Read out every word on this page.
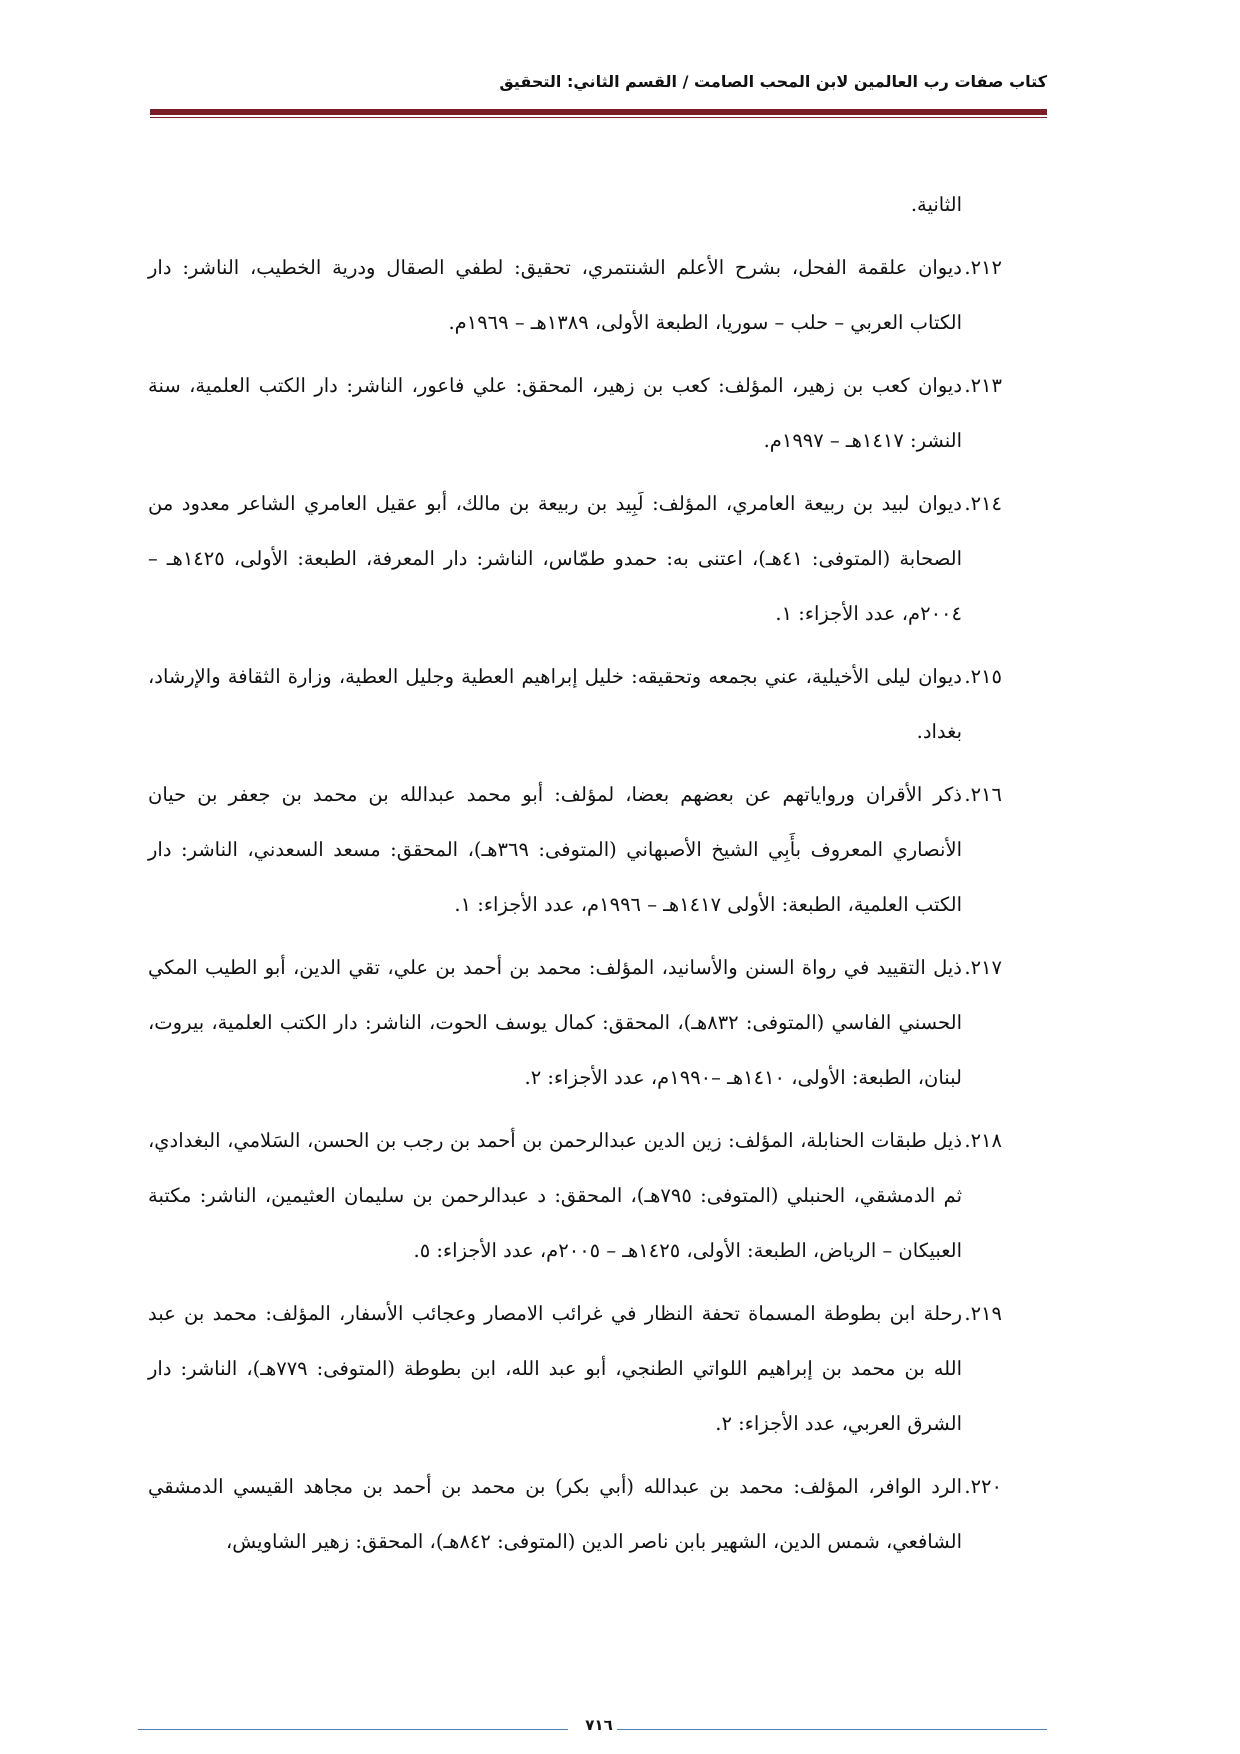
كتاب صفات رب العالمين لابن المحب الصامت / القسم الثاني: التحقيق

الثانية.

٢١٢.ديوان علقمة الفحل، بشرح الأعلم الشنتمري، تحقيق: لطفي الصقال ودرية الخطيب، الناشر: دار الكتاب العربي – حلب – سوريا، الطبعة الأولى، ١٣٨٩هـ – ١٩٦٩م.

٢١٣.ديوان كعب بن زهير، المؤلف: كعب بن زهير، المحقق: علي فاعور، الناشر: دار الكتب العلمية، سنة النشر: ١٤١٧هـ – ١٩٩٧م.

٢١٤.ديوان لبيد بن ربيعة العامري، المؤلف: لَبِيد بن ربيعة بن مالك، أبو عقيل العامري الشاعر معدود من الصحابة (المتوفى: ٤١هـ)، اعتنى به: حمدو طمّاس، الناشر: دار المعرفة، الطبعة: الأولى، ١٤٢٥هـ – ٢٠٠٤م، عدد الأجزاء: ١.

٢١٥.ديوان ليلى الأخيلية، عني بجمعه وتحقيقه: خليل إبراهيم العطية وجليل العطية، وزارة الثقافة والإرشاد، بغداد.

٢١٦.ذكر الأقران ورواياتهم عن بعضهم بعضا، لمؤلف: أبو محمد عبدالله بن محمد بن جعفر بن حيان الأنصاري المعروف بأَبِي الشيخ الأصبهاني (المتوفى: ٣٦٩هـ)، المحقق: مسعد السعدني، الناشر: دار الكتب العلمية، الطبعة: الأولى ١٤١٧هـ – ١٩٩٦م، عدد الأجزاء: ١.

٢١٧.ذيل التقييد في رواة السنن والأسانيد، المؤلف: محمد بن أحمد بن علي، تقي الدين، أبو الطيب المكي الحسني الفاسي (المتوفى: ٨٣٢هـ)، المحقق: كمال يوسف الحوت، الناشر: دار الكتب العلمية، بيروت، لبنان، الطبعة: الأولى، ١٤١٠هـ –١٩٩٠م، عدد الأجزاء: ٢.

٢١٨.ذيل طبقات الحنابلة، المؤلف: زين الدين عبدالرحمن بن أحمد بن رجب بن الحسن، السَلامي، البغدادي، ثم الدمشقي، الحنبلي (المتوفى: ٧٩٥هـ)، المحقق: د عبدالرحمن بن سليمان العثيمين، الناشر: مكتبة العبيكان – الرياض، الطبعة: الأولى، ١٤٢٥هـ – ٢٠٠٥م، عدد الأجزاء: ٥.

٢١٩.رحلة ابن بطوطة المسماة تحفة النظار في غرائب الامصار وعجائب الأسفار، المؤلف: محمد بن عبد الله بن محمد بن إبراهيم اللواتي الطنجي، أبو عبد الله، ابن بطوطة (المتوفى: ٧٧٩هـ)، الناشر: دار الشرق العربي، عدد الأجزاء: ٢.

٢٢٠.الرد الوافر، المؤلف: محمد بن عبدالله (أبي بكر) بن محمد بن أحمد بن مجاهد القيسي الدمشقي الشافعي، شمس الدين، الشهير بابن ناصر الدين (المتوفى: ٨٤٢هـ)، المحقق: زهير الشاويش،

٧١٦
